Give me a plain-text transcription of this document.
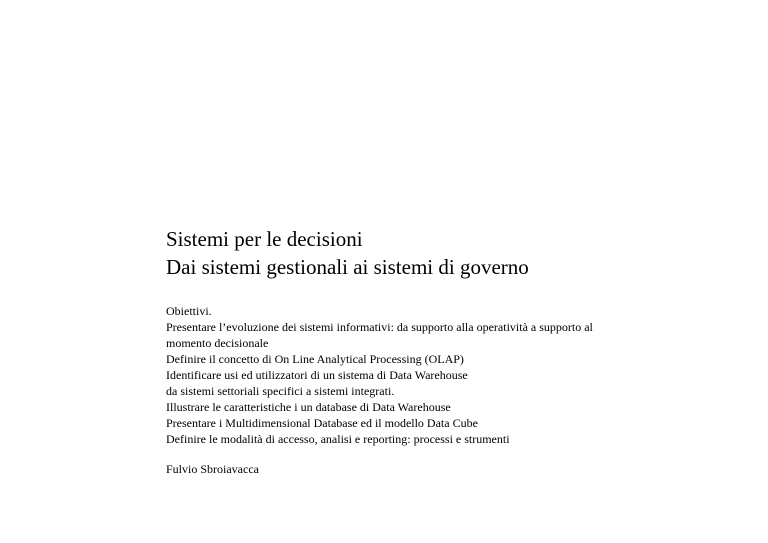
Sistemi per le decisioni
Dai sistemi gestionali ai sistemi di governo
Obiettivi.
Presentare l’evoluzione dei sistemi informativi: da supporto alla operatività a supporto al
momento decisionale
Definire il concetto di On Line Analytical Processing (OLAP)
Identificare usi ed utilizzatori di un sistema di Data Warehouse
da sistemi settoriali specifici a sistemi integrati.
Illustrare le caratteristiche i un database di Data Warehouse
Presentare i Multidimensional Database ed il modello Data Cube
Definire le modalità di accesso, analisi e reporting: processi e strumenti
Fulvio Sbroiavacca
